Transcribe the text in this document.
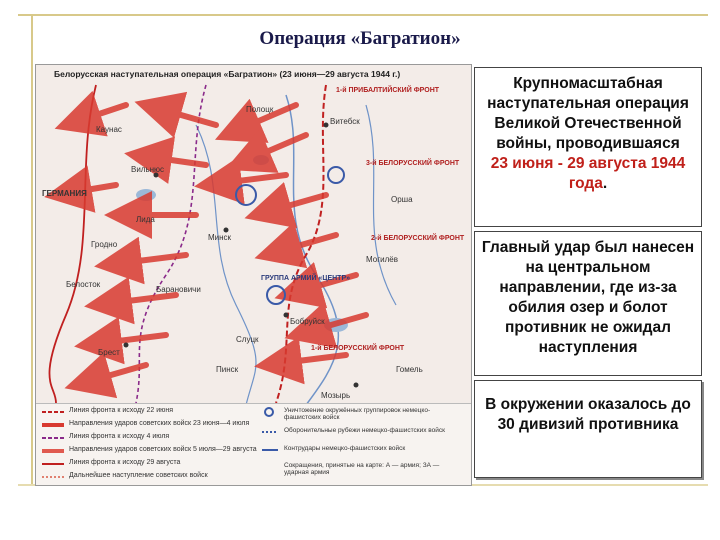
Операция «Багратион»
Белорусская наступательная операция «Багратион» (23 июня—29 августа 1944 г.)
ГЕРМАНИЯ
Минск
Вильнюс
Бобруйск
Витебск
Брест
Гомель
Пинск
Мозырь
Белосток
Каунас
Гродно
Полоцк
Могилёв
Барановичи
Слуцк
Лида
Орша
1-й ПРИБАЛТИЙСКИЙ ФРОНТ
3-й БЕЛОРУССКИЙ ФРОНТ
2-й БЕЛОРУССКИЙ ФРОНТ
1-й БЕЛОРУССКИЙ ФРОНТ
ГРУППА АРМИЙ «ЦЕНТР»
Линия фронта к исходу 22 июня
Направления ударов советских войск 23 июня—4 июля
Линия фронта к исходу 4 июля
Направления ударов советских войск 5 июля—29 августа
Линия фронта к исходу 29 августа
Дальнейшее наступление советских войск
Уничтожение окружённых группировок немецко-фашистских войск
Оборонительные рубежи немецко-фашистских войск
Контрудары немецко-фашистских войск
Сокращения, принятые на карте: А — армия; ЗА — ударная армия
Крупномасштабная наступательная операция Великой Отечественной войны, проводившаяся
23 июня - 29 августа 1944 года.
Главный удар был нанесен на центральном направлении, где из-за обилия озер и болот противник не ожидал наступления
В окружении оказалось до 30 дивизий противника
